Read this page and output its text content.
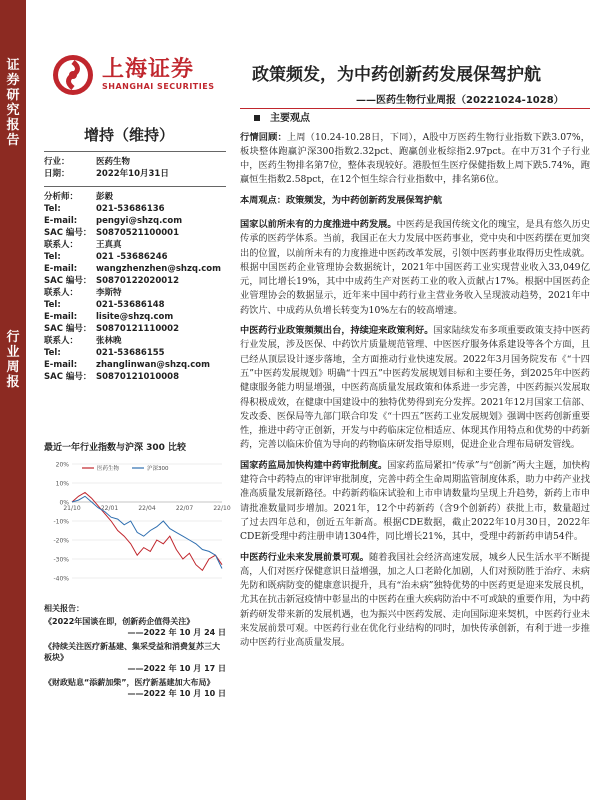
证券研究报告
行业周报
上海证券
SHANGHAI SECURITIES
政策频发，为中药创新药发展保驾护航
——医药生物行业周报（20221024-1028）
增持（维持）
行业：	医药生物
日期：	2022年10月31日
分析师：	彭毅
Tel:	021-53686136
E-mail:	pengyi@shzq.com
SAC 编号： S0870521100001
联系人：	王真真
Tel:	021 -53686246
E-mail:	wangzhenzhen@shzq.com
SAC 编号： S0870122020012
联系人：	李斯特
Tel:	021-53686148
E-mail:	lisite@shzq.com
SAC 编号： S0870121110002
联系人：	张林晚
Tel:	021-53686155
E-mail:	zhanglinwan@shzq.com
SAC 编号： S0870121010008
最近一年行业指数与沪深 300 比较
20%
10%
0%
-10%
-20%
-30%
-40%
21/10	22/01	22/04	22/07	22/10
医药生物	沪深300
相关报告：
《2022年国谈在即，创新药企值得关注》
——2022 年 10 月 24 日
《持续关注医疗新基建、集采受益和消费复苏三大板块》
——2022 年 10 月 17 日
《财政贴息“添薪加柴”，医疗新基建加大布局》
——2022 年 10 月 10 日
主要观点

行情回顾：上周（10.24-10.28日，下同），A股中万医药生物行业指数下跌3.07%，板块整体跑赢沪深300指数2.32pct、跑赢创业板综指2.97pct。在中万31个子行业中，医药生物排名第7位，整体表现较好。港股恒生医疗保健指数上周下跌5.74%，跑赢恒生指数2.58pct，在12个恒生综合行业指数中，排名第6位。

本周观点：政策频发，为中药创新药发展保驾护航

国家以前所未有的力度推进中药发展。中医药是我国传统文化的瑰宝，是具有悠久历史传承的医药学体系。当前，我国正在大力发展中医药事业，党中央和中医药摆在更加突出的位置，以前所未有的力度推进中医药改革发展，引领中医药事业取得历史性成就。根据中国医药企业管理协会数据统计，2021年中国医药工业实现营业收入33,049亿元，同比增长19%，其中中成药生产对医药工业的收入贡献占17%。根据中国医药企业管理协会的数据显示，近年来中国中药行业主营业务收入呈现波动趋势，2021年中药饮片、中成药从负增长转变为10%左右的较高增速。

中医药行业政策频频出台，持续迎来政策利好。国家陆续发布多项重要政策支持中医药行业发展，涉及医保、中药饮片质量规范管理、中医医疗服务体系建设等各个方面，且已经从顶层设计逐步落地，全方面推动行业快速发展。2022年3月国务院发布《“十四五”中医药发展规划》明确“十四五”中医药发展规划目标和主要任务，到2025年中医药健康服务能力明显增强，中医药高质量发展政策和体系进一步完善，中医药振兴发展取得积极成效，在健康中国建设中的独特优势得到充分发挥。2021年12月国家工信部、发改委、医保局等九部门联合印发《“十四五”医药工业发展规划》强调中医药创新重要性，推进中药守正创新，开发与中药临床定位相适应、体现其作用特点和优势的中药新药，完善以临床价值为导向的药物临床研发指导原则，促进企业合理布局研发管线。

国家药监局加快构建中药审批制度。国家药监局紧扣“传承”与“创新”两大主题，加快构建符合中药特点的审评审批制度，完善中药全生命周期监管制度体系，助力中药产业找准高质量发展新路径。中药新药临床试验和上市申请数量均呈现上升趋势，新药上市申请批准数量同步增加。2021年，12个中药新药（含9个创新药）获批上市，数量超过了过去四年总和，创近五年新高。根据CDE数据，截止2022年10月30日，2022年CDE新受理中药注册申请1304件，同比增长21%，其中，受理中药新药申请54件。

中医药行业未来发展前景可观。随着我国社会经济高速发展，城乡人民生活水平不断提高，人们对医疗保健意识日益增强，加之人口老龄化加剧，人们对预防胜于治疗、未病先防和既病防变的健康意识提升，具有“治未病”独特优势的中医药更是迎来发展良机，尤其在抗击新冠疫情中彰显出的中医药在重大疾病防治中不可或缺的重要作用，为中药新药研发带来新的发展机遇，也为振兴中医药发展、走向国际迎来契机，中医药行业未来发展前景可观。中医药行业在优化行业结构的同时，加快传承创新，有利于进一步推动中医药行业高质量发展。
